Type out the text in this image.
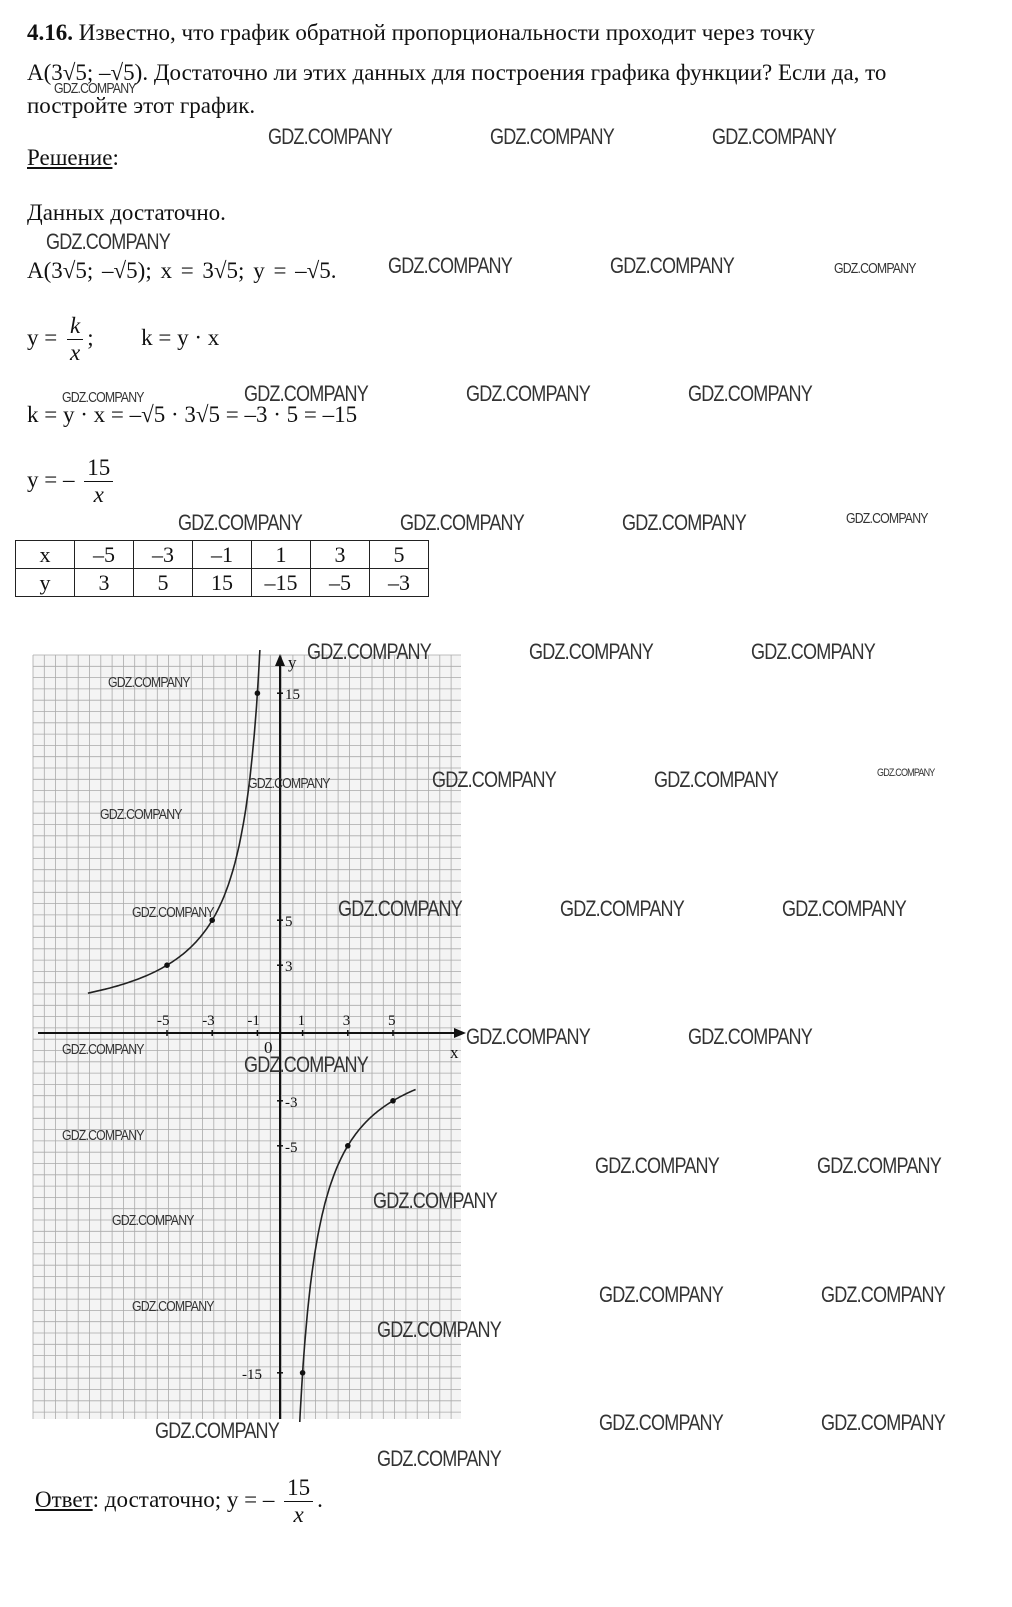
4.16. Известно, что график обратной пропорциональности проходит через точку
A(3√5; –√5). Достаточно ли этих данных для построения графика функции? Если да, то
постройте этот график.
Решение:
Данных достаточно.
A(3√5; –√5); x = 3√5; y = –√5.
$y = \frac{k}{x}$ ; k = y · x
k = y · x = –√5 · 3√5 = –3 · 5 = –15
y = – $\frac{15}{x}$
x	–5	–3	–1	1	3	5
y	3	5	15	–15	–5	–3
x
y
0
-5 -3 -1	1	3	5
15
5
3
-3
-5
-15
Ответ: достаточно; y = – $\frac{15}{x}$ .
GDZ.COMPANY	GDZ.COMPANY	GDZ.COMPANY
GDZ.COMPANY
GDZ.COMPANY
GDZ.COMPANY	GDZ.COMPANY	GDZ.COMPANY
GDZ.COMPANY	GDZ.COMPANY	GDZ.COMPANY	GDZ.COMPANY
GDZ.COMPANY	GDZ.COMPANY	GDZ.COMPANY	GDZ.COMPANY
GDZ.COMPANY	GDZ.COMPANY	GDZ.COMPANY
GDZ.COMPANY
GDZ.COMPANY	GDZ.COMPANY	GDZ.COMPANY	GDZ.COMPANY
GDZ.COMPANY
GDZ.COMPANY	GDZ.COMPANY	GDZ.COMPANY	GDZ.COMPANY
GDZ.COMPANY
GDZ.COMPANY	GDZ.COMPANY
GDZ.COMPANY
GDZ.COMPANY
GDZ.COMPANY	GDZ.COMPANY
GDZ.COMPANY
GDZ.COMPANY
GDZ.COMPANY	GDZ.COMPANY
GDZ.COMPANY
GDZ.COMPANY
GDZ.COMPANY	GDZ.COMPANY	GDZ.COMPANY
GDZ.COMPANY
